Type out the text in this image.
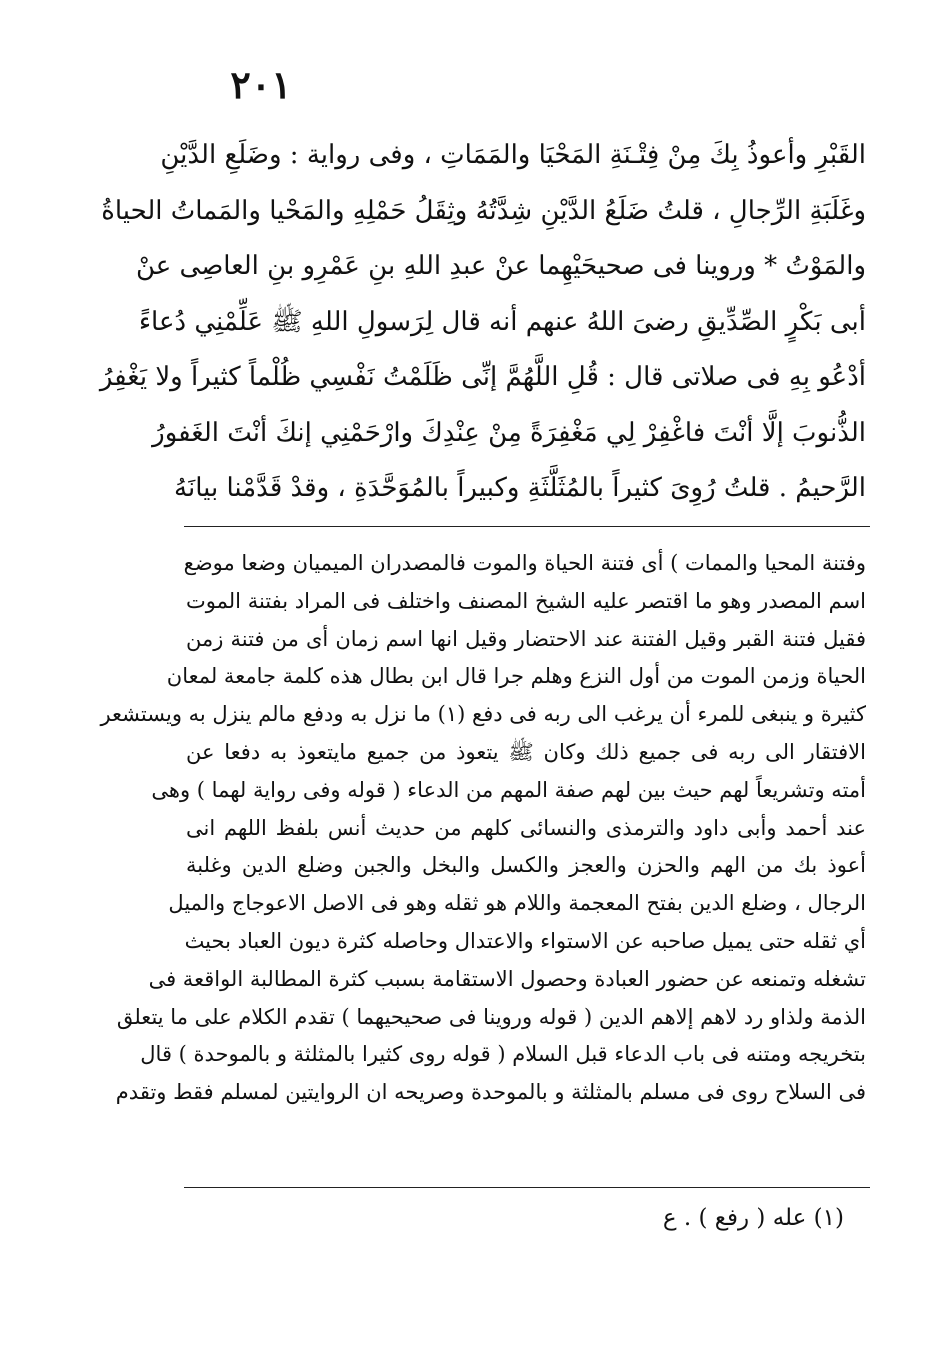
٢٠١
القَبْرِ وأعوذُ بِكَ مِنْ فِتْـنَةِ المَحْيَا والمَمَاتِ ، وفى رواية : وضَلَعِ الدَّيْنِ
وغَلَبَةِ الرِّجالِ ، قلتُ ضَلَعُ الدَّيْنِ شِدَّتُهُ وثِقَلُ حَمْلِهِ والمَحْيا والمَماتُ الحياةُ
والمَوْتُ * وروينا فى صحيحَيْهِما عنْ عبدِ اللهِ بنِ عَمْرِو بنِ العاصِى عنْ
أبى بَكْرٍ الصِّدِّيقِ رضىَ اللهُ عنهم أنه قال لِرَسولِ اللهِ ﷺ عَلِّمْنِي دُعاءً
أدْعُو بِهِ فى صلاتى قال : قُلِ اللَّهُمَّ إنِّى ظَلَمْتُ نَفْسِي ظُلْماً كثيراً ولا يَغْفِرُ
الذُّنوبَ إلَّا أنْتَ فاغْفِرْ لِي مَغْفِرَةً مِنْ عِنْدِكَ وارْحَمْنِي إنكَ أنْتَ الغَفورُ
الرَّحيمُ . قلتُ رُوِىَ كثيراً بالمُثَلَّثَةِ وكبيراً بالمُوَحَّدَةِ ، وقدْ قَدَّمْنا بيانَهُ
وفتنة المحيا والممات ) أى فتنة الحياة والموت فالمصدران الميميان وضعا موضع
اسم المصدر وهو ما اقتصر عليه الشيخ المصنف واختلف فى المراد بفتنة الموت
فقيل فتنة القبر وقيل الفتنة عند الاحتضار وقيل انها اسم زمان أى من فتنة زمن
الحياة وزمن الموت من أول النزع وهلم جرا قال ابن بطال هذه كلمة جامعة لمعان
كثيرة و ينبغى للمرء أن يرغب الى ربه فى دفع (١) ما نزل به ودفع مالم ينزل به ويستشعر
الافتقار الى ربه فى جميع ذلك وكان ﷺ يتعوذ من جميع مايتعوذ به دفعا عن
أمته وتشريعاً لهم حيث بين لهم صفة المهم من الدعاء ( قوله وفى رواية لهما ) وهى
عند أحمد وأبى داود والترمذى والنسائى كلهم من حديث أنس بلفظ اللهم انى
أعوذ بك من الهم والحزن والعجز والكسل والبخل والجبن وضلع الدين وغلبة
الرجال ، وضلع الدين بفتح المعجمة واللام هو ثقله وهو فى الاصل الاعوجاج والميل
أي ثقله حتى يميل صاحبه عن الاستواء والاعتدال وحاصله كثرة ديون العباد بحيث
تشغله وتمنعه عن حضور العبادة وحصول الاستقامة بسبب كثرة المطالبة الواقعة فى
الذمة ولذاو رد لاهم إلاهم الدين ( قوله وروينا فى صحيحيهما ) تقدم الكلام على ما يتعلق
بتخريجه ومتنه فى باب الدعاء قبل السلام ( قوله روى كثيرا بالمثلثة و بالموحدة ) قال
فى السلاح روى فى مسلم بالمثلثة و بالموحدة وصريحه ان الروايتين لمسلم فقط وتقدم
(١) عله ( رفع ) . ع
